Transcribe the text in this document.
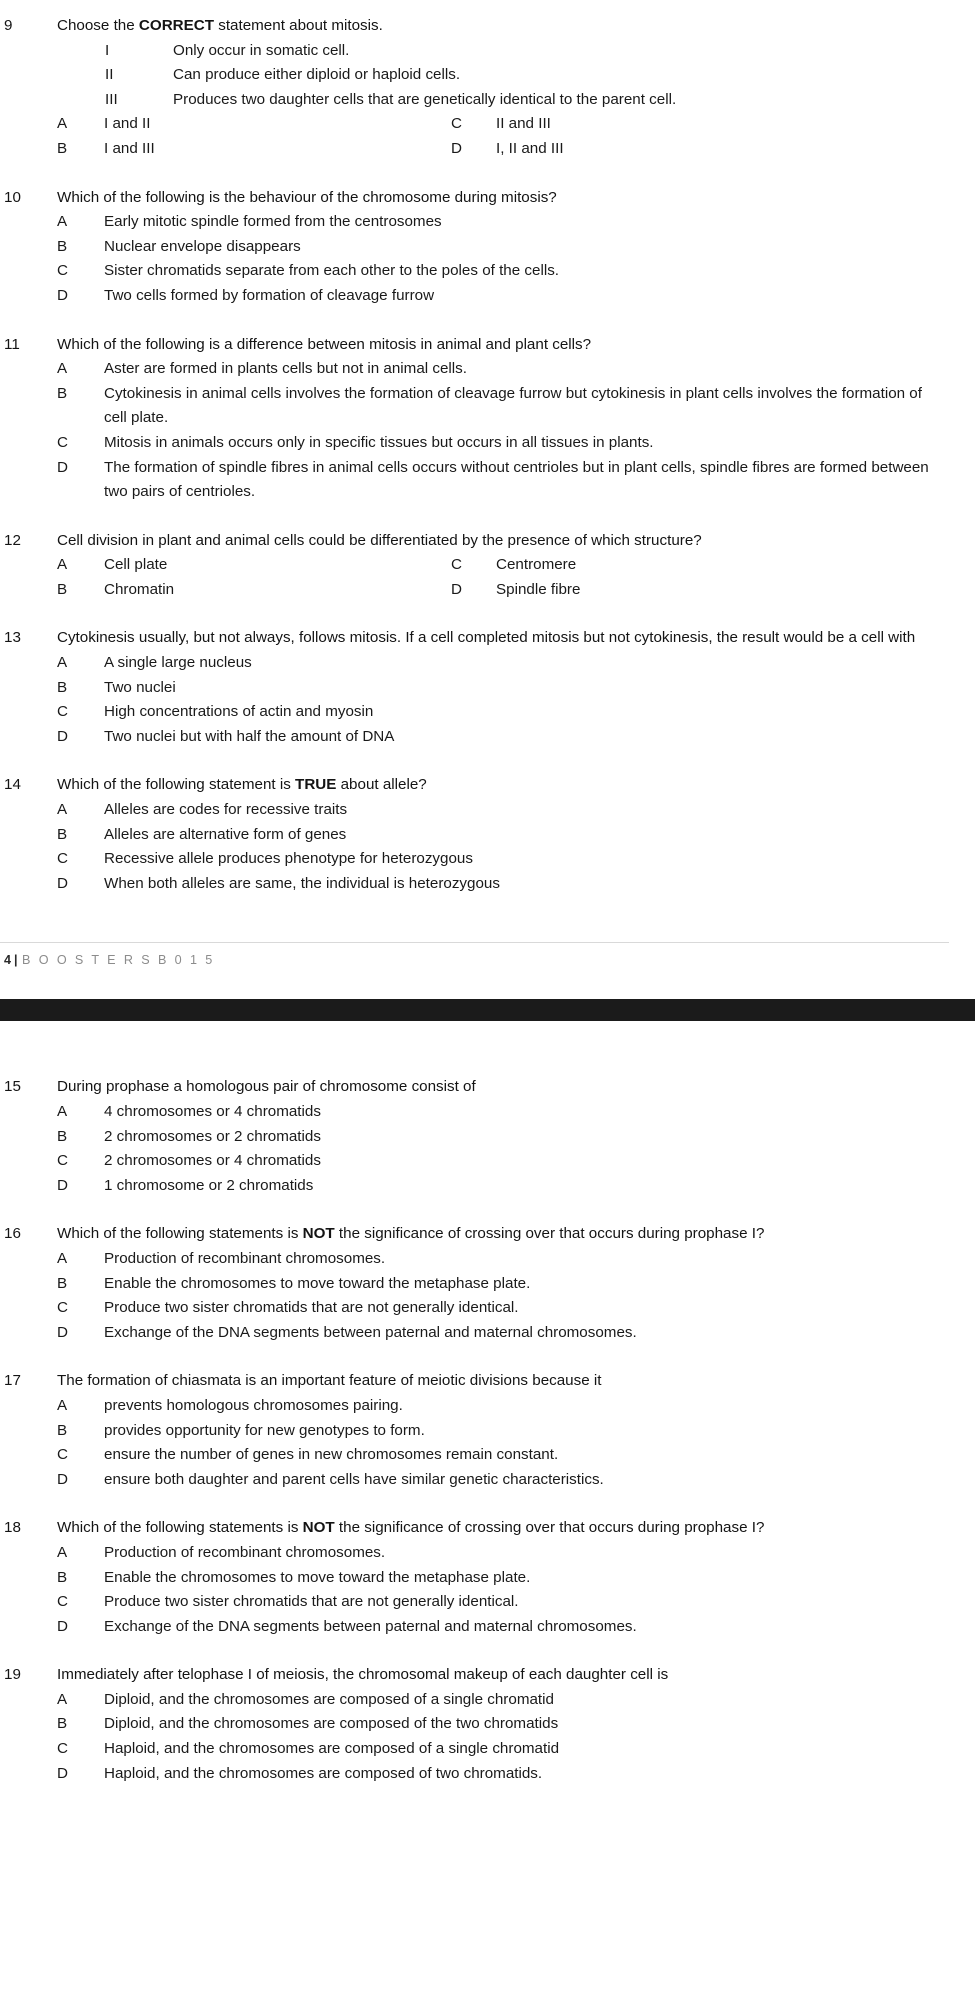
9	Choose the CORRECT statement about mitosis.
I	Only occur in somatic cell.
II	Can produce either diploid or haploid cells.
III	Produces two daughter cells that are genetically identical to the parent cell.
A	I and II	C	II and III
B	I and III	D	I, II and III
10	Which of the following is the behaviour of the chromosome during mitosis?
A	Early mitotic spindle formed from the centrosomes
B	Nuclear envelope disappears
C	Sister chromatids separate from each other to the poles of the cells.
D	Two cells formed by formation of cleavage furrow
11	Which of the following is a difference between mitosis in animal and plant cells?
A	Aster are formed in plants cells but not in animal cells.
B	Cytokinesis in animal cells involves the formation of cleavage furrow but cytokinesis in plant cells involves the formation of cell plate.
C	Mitosis in animals occurs only in specific tissues but occurs in all tissues in plants.
D	The formation of spindle fibres in animal cells occurs without centrioles but in plant cells, spindle fibres are formed between two pairs of centrioles.
12	Cell division in plant and animal cells could be differentiated by the presence of which structure?
A	Cell plate	C	Centromere
B	Chromatin	D	Spindle fibre
13	Cytokinesis usually, but not always, follows mitosis. If a cell completed mitosis but not cytokinesis, the result would be a cell with
A	A single large nucleus
B	Two nuclei
C	High concentrations of actin and myosin
D	Two nuclei but with half the amount of DNA
14	Which of the following statement is TRUE about allele?
A	Alleles are codes for recessive traits
B	Alleles are alternative form of genes
C	Recessive allele produces phenotype for heterozygous
D	When both alleles are same, the individual is heterozygous
4 | B O O S T E R S B 0 1 5
15	During prophase a homologous pair of chromosome consist of
A	4 chromosomes or 4 chromatids
B	2 chromosomes or 2 chromatids
C	2 chromosomes or 4 chromatids
D	1 chromosome or 2 chromatids
16	Which of the following statements is NOT the significance of crossing over that occurs during prophase I?
A	Production of recombinant chromosomes.
B	Enable the chromosomes to move toward the metaphase plate.
C	Produce two sister chromatids that are not generally identical.
D	Exchange of the DNA segments between paternal and maternal chromosomes.
17	The formation of chiasmata is an important feature of meiotic divisions because it
A	prevents homologous chromosomes pairing.
B	provides opportunity for new genotypes to form.
C	ensure the number of genes in new chromosomes remain constant.
D	ensure both daughter and parent cells have similar genetic characteristics.
18	Which of the following statements is NOT the significance of crossing over that occurs during prophase I?
A	Production of recombinant chromosomes.
B	Enable the chromosomes to move toward the metaphase plate.
C	Produce two sister chromatids that are not generally identical.
D	Exchange of the DNA segments between paternal and maternal chromosomes.
19	Immediately after telophase I of meiosis, the chromosomal makeup of each daughter cell is
A	Diploid, and the chromosomes are composed of a single chromatid
B	Diploid, and the chromosomes are composed of the two chromatids
C	Haploid, and the chromosomes are composed of a single chromatid
D	Haploid, and the chromosomes are composed of two chromatids.
